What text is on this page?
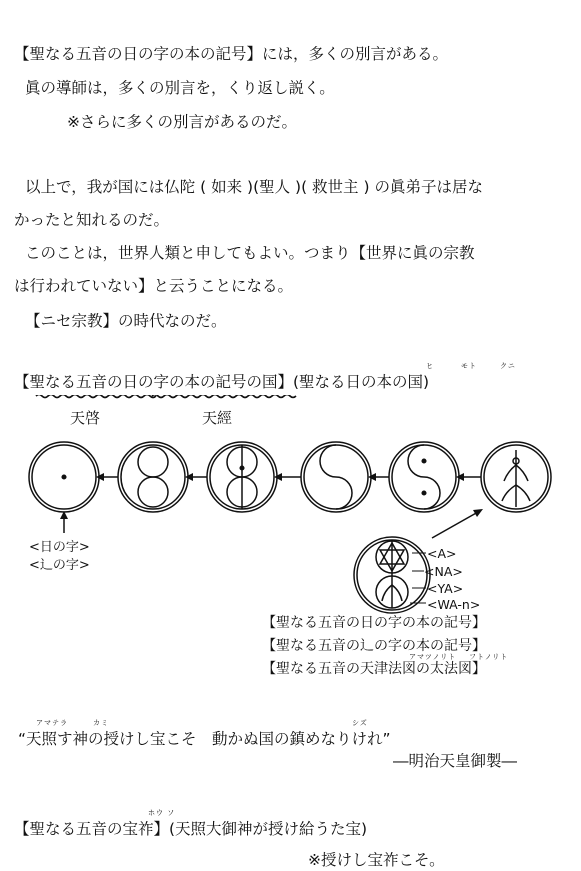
【聖なる五音の日の字の本の記号】には，多くの別言がある。
眞の導師は，多くの別言を，くり返し説く。
※さらに多くの別言があるのだ。
以上で，我が国には仏陀 ( 如来 )(聖人 )( 救世主 ) の眞弟子は居な
かったと知れるのだ。
このことは，世界人類と申してもよい。つまり【世界に眞の宗教
は行われていない】と云うことになる。
【ニセ宗教】の時代なのだ。
ヒ	モト	クニ
【聖なる五音の日の字の本の記号の国】(聖なる日の本の国)
天啓	天經
<日の字>
<辶の字>
<A>
<NA>
<YA>
<WA-n>
【聖なる五音の日の字の本の記号】
【聖なる五音の辶の字の本の記号】
アマツノリト フトノリト
【聖なる五音の天津法図の太法図】
アマテラ	カミ	シズ
“天照す神の授けし宝こそ　動かぬ国の鎮めなりけれ”
―明治天皇御製―
ホウ ソ
【聖なる五音の宝祚】(天照大御神が授け給うた宝)
※授けし宝祚こそ。
